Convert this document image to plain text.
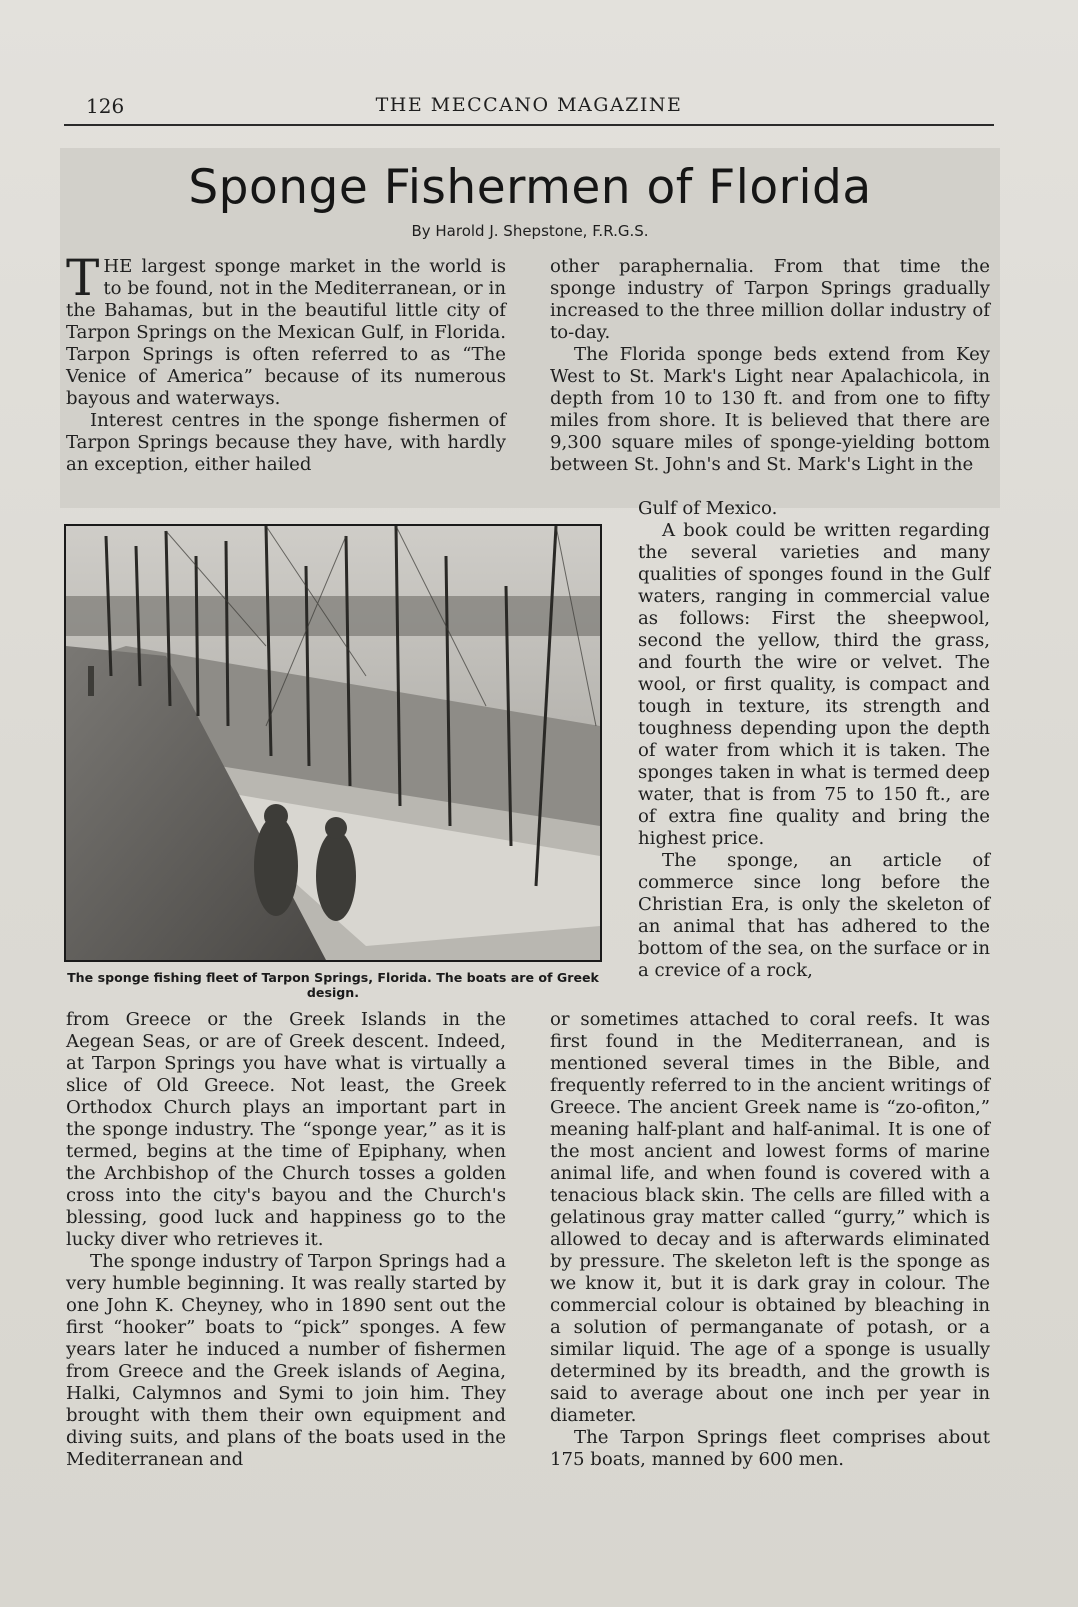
126	THE MECCANO MAGAZINE
Sponge Fishermen of Florida
By Harold J. Shepstone, F.R.G.S.

THE largest sponge market in the world is to be found, not in the Mediterranean, or in the Bahamas, but in the beautiful little city of Tarpon Springs on the Mexican Gulf, in Florida. Tarpon Springs is often referred to as “The Venice of America” because of its numerous bayous and waterways.

Interest centres in the sponge fishermen of Tarpon Springs because they have, with hardly an exception, either hailed

other paraphernalia. From that time the sponge industry of Tarpon Springs gradually increased to the three million dollar industry of to-day.

The Florida sponge beds extend from Key West to St. Mark's Light near Apalachicola, in depth from 10 to 130 ft. and from one to fifty miles from shore. It is believed that there are 9,300 square miles of sponge-yielding bottom between St. John's and St. Mark's Light in the

Gulf of Mexico.

A book could be written regarding the several varieties and many qualities of sponges found in the Gulf waters, ranging in commercial value as follows: First the sheepwool, second the yellow, third the grass, and fourth the wire or velvet. The wool, or first quality, is compact and tough in texture, its strength and toughness depending upon the depth of water from which it is taken. The sponges taken in what is termed deep water, that is from 75 to 150 ft., are of extra fine quality and bring the highest price.

The sponge, an article of commerce since long before the Christian Era, is only the skeleton of an animal that has adhered to the bottom of the sea, on the surface or in a crevice of a rock,

The sponge fishing fleet of Tarpon Springs, Florida. The boats are of Greek design.

from Greece or the Greek Islands in the Aegean Seas, or are of Greek descent. Indeed, at Tarpon Springs you have what is virtually a slice of Old Greece. Not least, the Greek Orthodox Church plays an important part in the sponge industry. The “sponge year,” as it is termed, begins at the time of Epiphany, when the Archbishop of the Church tosses a golden cross into the city's bayou and the Church's blessing, good luck and happiness go to the lucky diver who retrieves it.

The sponge industry of Tarpon Springs had a very humble beginning. It was really started by one John K. Cheyney, who in 1890 sent out the first “hooker” boats to “pick” sponges. A few years later he induced a number of fishermen from Greece and the Greek islands of Aegina, Halki, Calymnos and Symi to join him. They brought with them their own equipment and diving suits, and plans of the boats used in the Mediterranean and

or sometimes attached to coral reefs. It was first found in the Mediterranean, and is mentioned several times in the Bible, and frequently referred to in the ancient writings of Greece. The ancient Greek name is “zo-ofiton,” meaning half-plant and half-animal. It is one of the most ancient and lowest forms of marine animal life, and when found is covered with a tenacious black skin. The cells are filled with a gelatinous gray matter called “gurry,” which is allowed to decay and is afterwards eliminated by pressure. The skeleton left is the sponge as we know it, but it is dark gray in colour. The commercial colour is obtained by bleaching in a solution of permanganate of potash, or a similar liquid. The age of a sponge is usually determined by its breadth, and the growth is said to average about one inch per year in diameter.

The Tarpon Springs fleet comprises about 175 boats, manned by 600 men.
